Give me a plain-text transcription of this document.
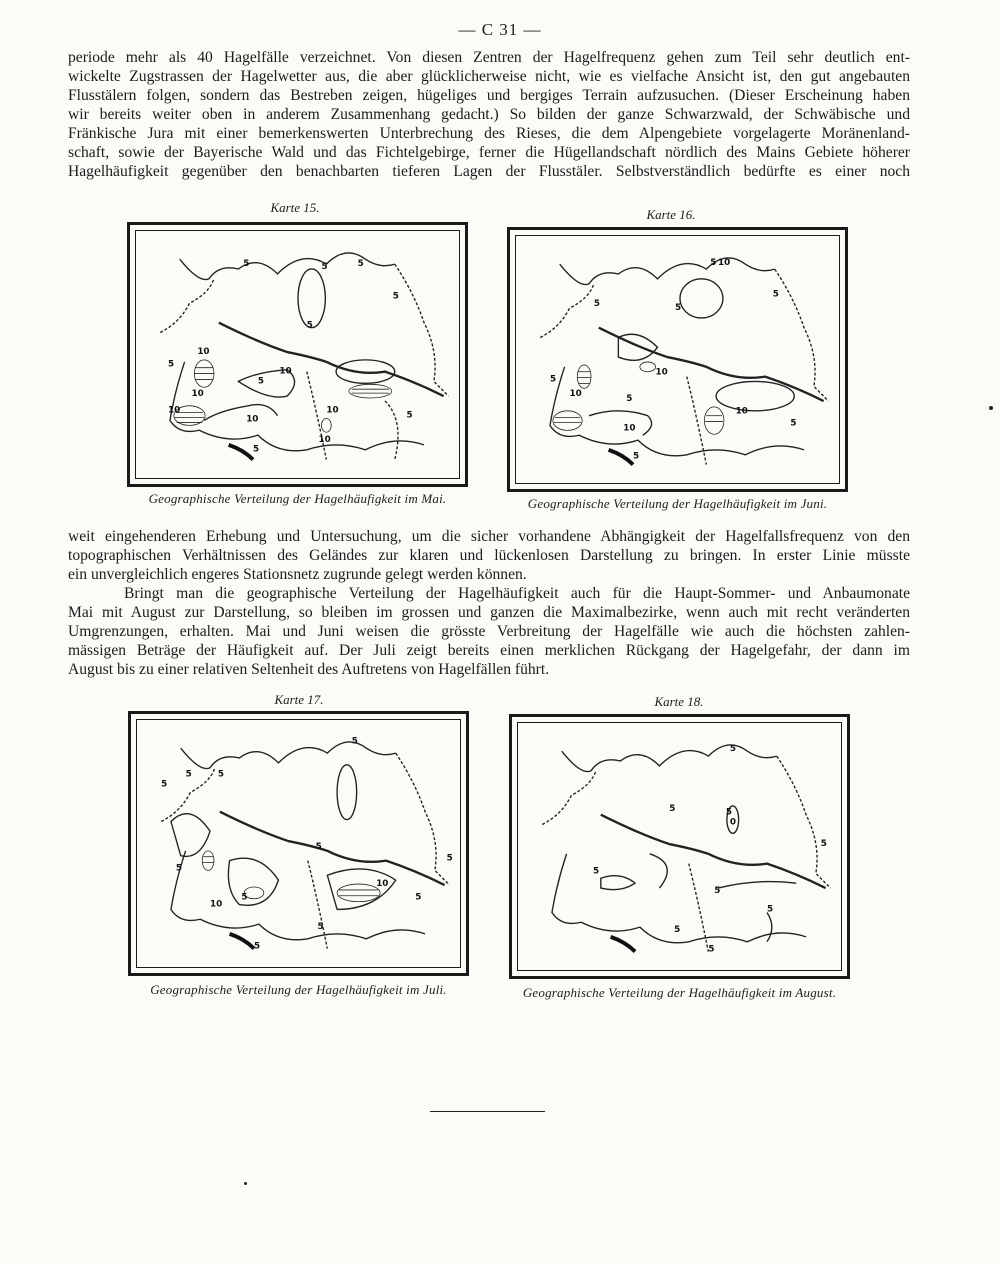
— C 31 —

periode mehr als 40 Hagelfälle verzeichnet. Von diesen Zentren der Hagelfrequenz gehen zum Teil sehr deutlich ent-

wickelte Zugstrassen der Hagelwetter aus, die aber glücklicherweise nicht, wie es vielfache Ansicht ist, den gut angebauten

Flusstälern folgen, sondern das Bestreben zeigen, hügeliges und bergiges Terrain aufzusuchen. (Dieser Erscheinung haben

wir bereits weiter oben in anderem Zusammenhang gedacht.) So bilden der ganze Schwarzwald, der Schwäbische und

Fränkische Jura mit einer bemerkenswerten Unterbrechung des Rieses, die dem Alpengebiete vorgelagerte Moränenland-

schaft, sowie der Bayerische Wald und das Fichtelgebirge, ferner die Hügellandschaft nördlich des Mains Gebiete höherer

Hagelhäufigkeit gegenüber den benachbarten tieferen Lagen der Flusstäler. Selbstverständlich bedürfte es einer noch

Karte 15.
5	5	5
5
5
10
5
10
10
5
10
10
10
10
5
5
Geographische Verteilung der Hagelhäufigkeit im Mai.
Karte 16.
10
5
5	5
5
5
10
10
10
5
10	5
5
Geographische Verteilung der Hagelhäufigkeit im Juni.

weit eingehenderen Erhebung und Untersuchung, um die sicher vorhandene Abhängigkeit der Hagelfallsfrequenz von den

topographischen Verhältnissen des Geländes zur klaren und lückenlosen Darstellung zu bringen. In erster Linie müsste

ein unvergleichlich engeres Stationsnetz zugrunde gelegt werden können.

Bringt man die geographische Verteilung der Hagelhäufigkeit auch für die Haupt-Sommer- und Anbaumonate

Mai mit August zur Darstellung, so bleiben im grossen und ganzen die Maximalbezirke, wenn auch mit recht veränderten

Umgrenzungen, erhalten. Mai und Juni weisen die grösste Verbreitung der Hagelfälle wie auch die höchsten zahlen-

mässigen Beträge der Häufigkeit auf. Der Juli zeigt bereits einen merklichen Rückgang der Hagelgefahr, der dann im

August bis zu einer relativen Seltenheit des Auftretens von Hagelfällen führt.

Karte 17.
5
5	5
5
5
5
5
10
5
10
5
5
5
Geographische Verteilung der Hagelhäufigkeit im Juli.
Karte 18.
5
5
5	5
5
0
5
5
5
5
Geographische Verteilung der Hagelhäufigkeit im August.
